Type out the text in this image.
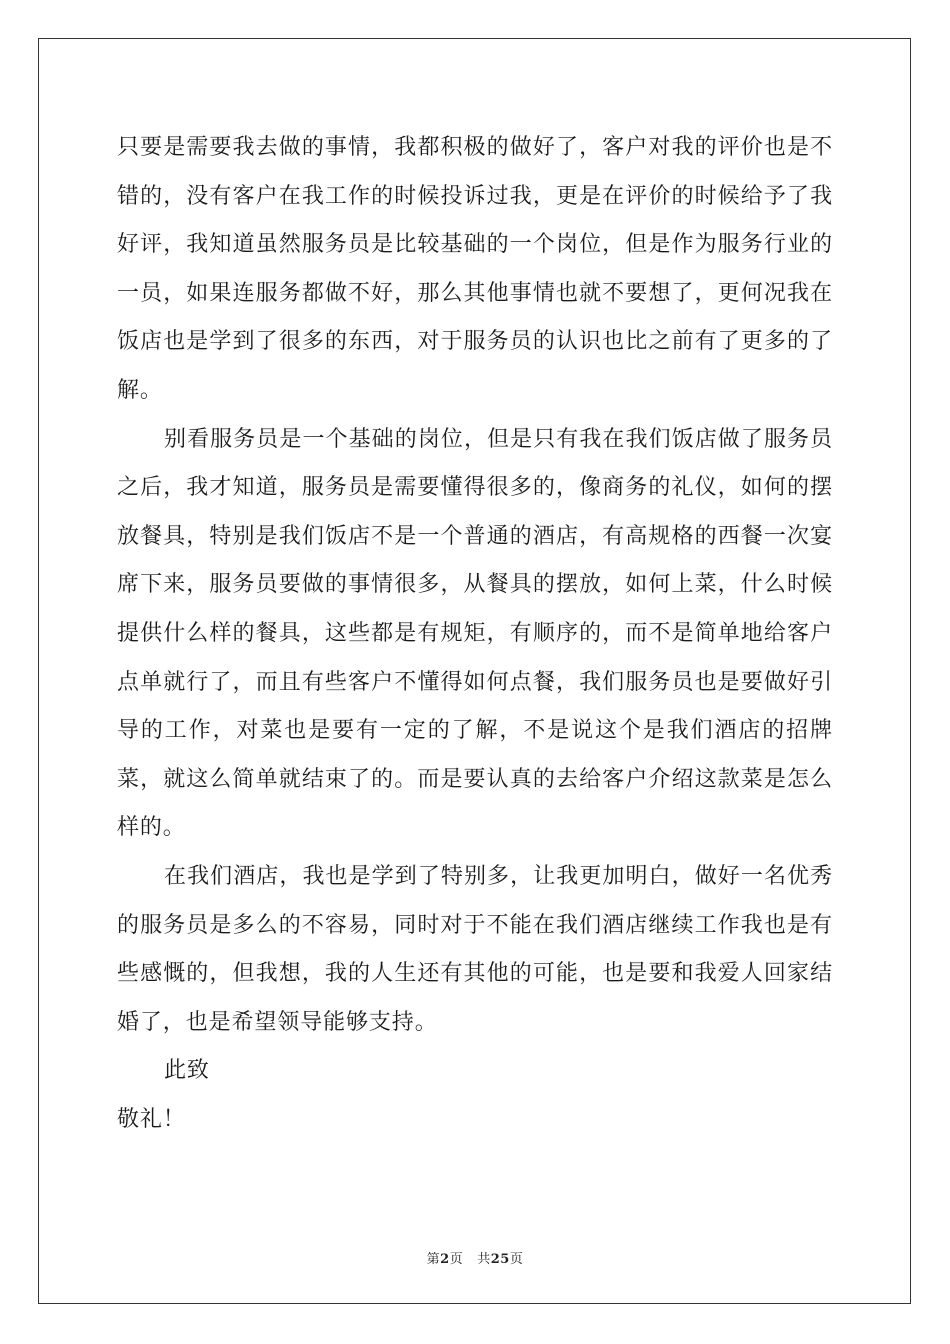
只要是需要我去做的事情，我都积极的做好了，客户对我的评价也是不错的，没有客户在我工作的时候投诉过我，更是在评价的时候给予了我好评，我知道虽然服务员是比较基础的一个岗位，但是作为服务行业的一员，如果连服务都做不好，那么其他事情也就不要想了，更何况我在饭店也是学到了很多的东西，对于服务员的认识也比之前有了更多的了解。

别看服务员是一个基础的岗位，但是只有我在我们饭店做了服务员之后，我才知道，服务员是需要懂得很多的，像商务的礼仪，如何的摆放餐具，特别是我们饭店不是一个普通的酒店，有高规格的西餐一次宴席下来，服务员要做的事情很多，从餐具的摆放，如何上菜，什么时候提供什么样的餐具，这些都是有规矩，有顺序的，而不是简单地给客户点单就行了，而且有些客户不懂得如何点餐，我们服务员也是要做好引导的工作，对菜也是要有一定的了解，不是说这个是我们酒店的招牌菜，就这么简单就结束了的。而是要认真的去给客户介绍这款菜是怎么样的。

在我们酒店，我也是学到了特别多，让我更加明白，做好一名优秀的服务员是多么的不容易，同时对于不能在我们酒店继续工作我也是有些感慨的，但我想，我的人生还有其他的可能，也是要和我爱人回家结婚了，也是希望领导能够支持。

此致

敬礼！

第2页 共25页
